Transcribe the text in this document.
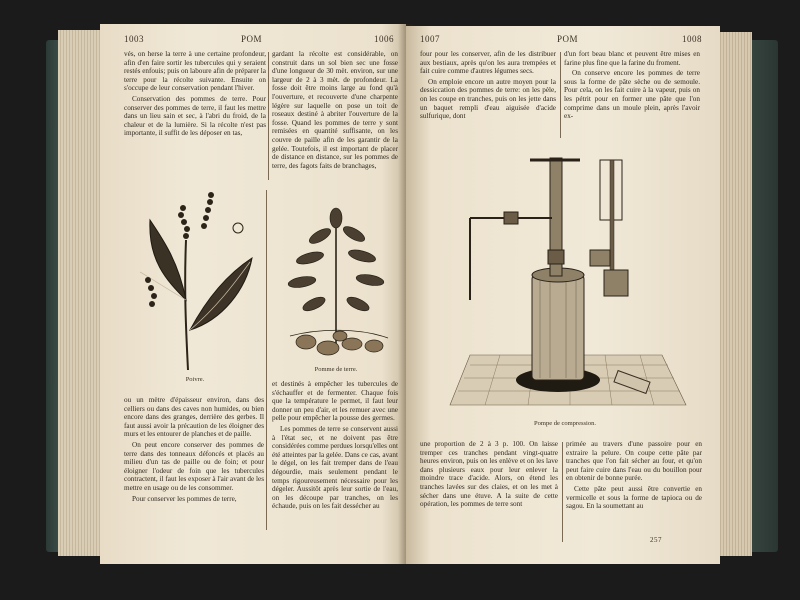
1003	POM	1006

vés, on herse la terre à une certaine profondeur, afin d'en faire sortir les tubercules qui y seraient restés enfouis; puis on laboure afin de préparer la terre pour la récolte suivante. Ensuite on s'occupe de leur conservation pendant l'hiver.

Conservation des pommes de terre. Pour conserver des pommes de terre, il faut les mettre dans un lieu sain et sec, à l'abri du froid, de la chaleur et de la lumière. Si la récolte n'est pas importante, il suffit de les déposer en tas,

gardant la récolte est considérable, on construit dans un sol bien sec une fosse d'une longueur de 30 mèt. environ, sur une largeur de 2 à 3 mèt. de profondeur. La fosse doit être moins large au fond qu'à l'ouverture, et recouverte d'une charpente légère sur laquelle on pose un toit de roseaux destiné à abriter l'ouverture de la fosse. Quand les pommes de terre y sont remisées en quantité suffisante, on les couvre de paille afin de les garantir de la gelée. Toutefois, il est important de placer de distance en distance, sur les pommes de terre, des fagots faits de branchages,

Poivre.
Pomme de terre.

ou un mètre d'épaisseur environ, dans des celliers ou dans des caves non humides, ou bien encore dans des granges, derrière des gerbes. Il faut aussi avoir la précaution de les éloigner des murs et les entourer de planches et de paille.

On peut encore conserver des pommes de terre dans des tonneaux défoncés et placés au milieu d'un tas de paille ou de foin; et pour éloigner l'odeur de foin que les tubercules contractent, il faut les exposer à l'air avant de les mettre en usage ou de les consommer.

Pour conserver les pommes de terre,

et destinés à empêcher les tubercules de s'échauffer et de fermenter. Chaque fois que la température le permet, il faut leur donner un peu d'air, et les remuer avec une pelle pour empêcher la pousse des germes.

Les pommes de terre se conservent aussi à l'état sec, et ne doivent pas être considérées comme perdues lorsqu'elles ont été atteintes par la gelée. Dans ce cas, avant le dégel, on les fait tremper dans de l'eau dégourdie, mais seulement pendant le temps rigoureusement nécessaire pour les dégeler. Aussitôt après leur sortie de l'eau, on les découpe par tranches, on les échaude, puis on les fait dessécher au

1007	POM	1008

four pour les conserver, afin de les distribuer aux bestiaux, après qu'on les aura trempées et fait cuire comme d'autres légumes secs.

On emploie encore un autre moyen pour la dessiccation des pommes de terre: on les pèle, on les coupe en tranches, puis on les jette dans un baquet rempli d'eau aiguisée d'acide sulfurique, dont

d'un fort beau blanc et peuvent être mises en farine plus fine que la farine du froment.

On conserve encore les pommes de terre sous la forme de pâte sèche ou de semoule. Pour cela, on les fait cuire à la vapeur, puis on les pétrit pour en former une pâte que l'on comprime dans un moule plein, après l'avoir ex-

Pompe de compression.

une proportion de 2 à 3 p. 100. On laisse tremper ces tranches pendant vingt-quatre heures environ, puis on les enlève et on les lave dans plusieurs eaux pour leur enlever la moindre trace d'acide. Alors, on étend les tranches lavées sur des claies, et on les met à sécher dans une étuve. A la suite de cette opération, les pommes de terre sont

primée au travers d'une passoire pour en extraire la pelure. On coupe cette pâte par tranches que l'on fait sécher au four, et qu'on peut faire cuire dans l'eau ou du bouillon pour en obtenir de bonne purée.

Cette pâte peut aussi être convertie en vermicelle et sous la forme de tapioca ou de sagou. En la soumettant au

257
